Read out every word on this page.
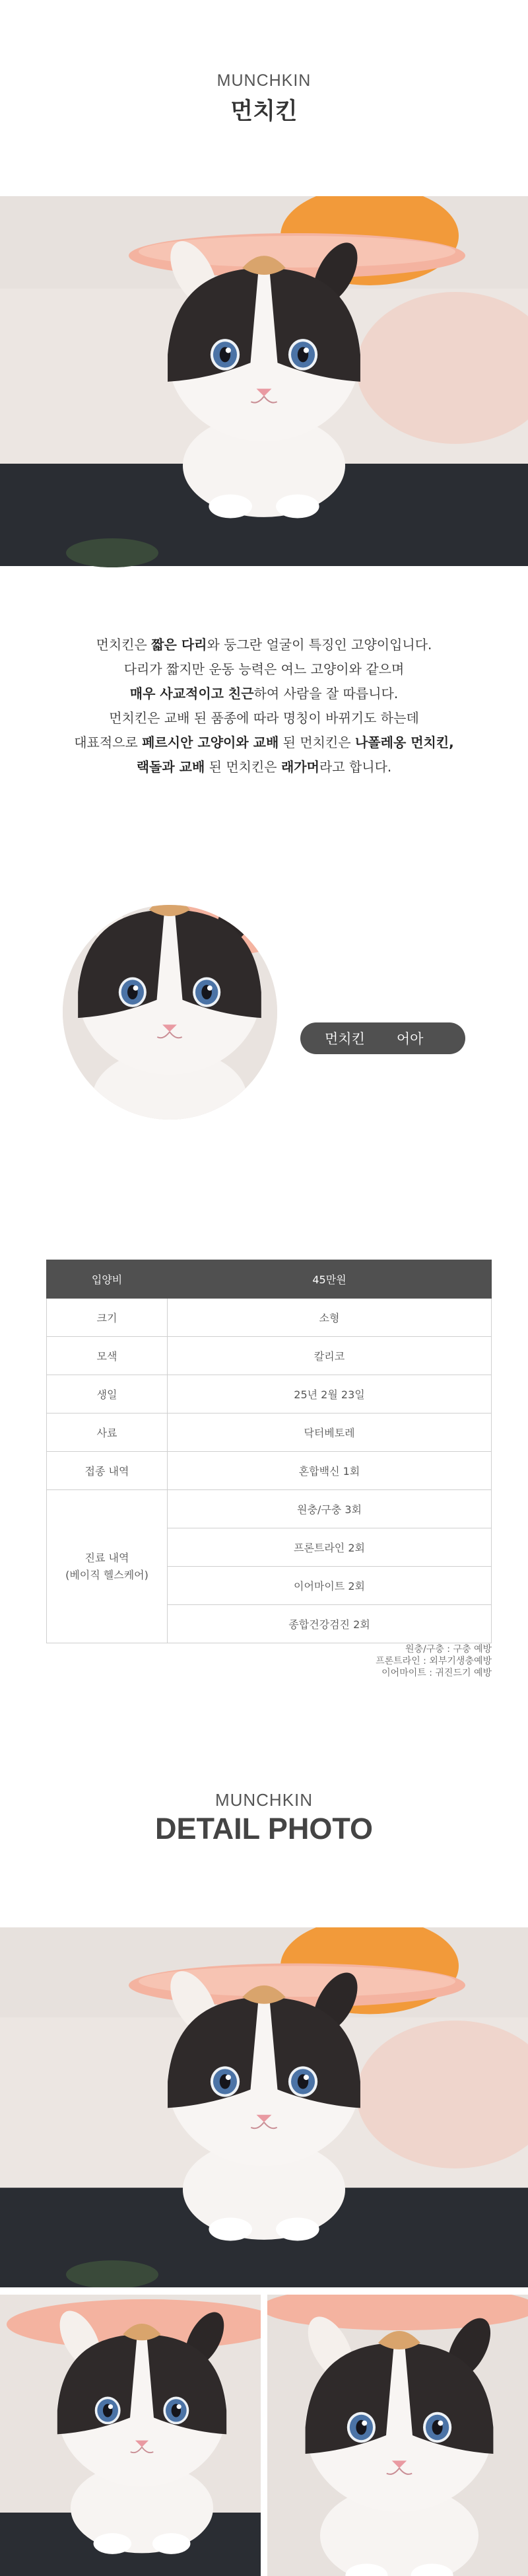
MUNCHKIN
먼치킨
먼치킨은 짧은 다리와 둥그란 얼굴이 특징인 고양이입니다.
다리가 짧지만 운동 능력은 여느 고양이와 같으며
매우 사교적이고 친근하여 사람을 잘 따릅니다.
먼치킨은 교배 된 품종에 따라 명칭이 바뀌기도 하는데
대표적으로 페르시안 고양이와 교배 된 먼치킨은 나폴레옹 먼치킨,
랙돌과 교배 된 먼치킨은 래가머라고 합니다.
먼치킨 어아
입양비	45만원
크기	소형
모색	칼리코
생일	25년 2월 23일
사료	닥터베토레
접종 내역	혼합백신 1회
진료 내역
(베이직 헬스케어)	원충/구충 3회
	프론트라인 2회
	이어마이트 2회
	종합건강검진 2회
원충/구충 : 구충 예방
프론트라인 : 외부기생충예방
이어마이트 : 귀진드기 예방
MUNCHKIN
DETAIL PHOTO
